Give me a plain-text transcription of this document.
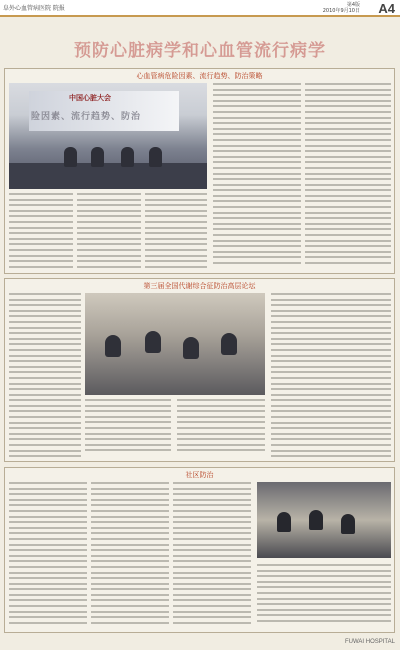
阜外心血管病医院 院报	第4版
2010年9月10日 A4
预防心脏病学和心血管流行病学
心血管病危险因素、流行趋势、防治策略
中国心脏大会
险因素、流行趋势、防治
第三届全国代谢综合征防治高层论坛
社区防治
FUWAI HOSPITAL
